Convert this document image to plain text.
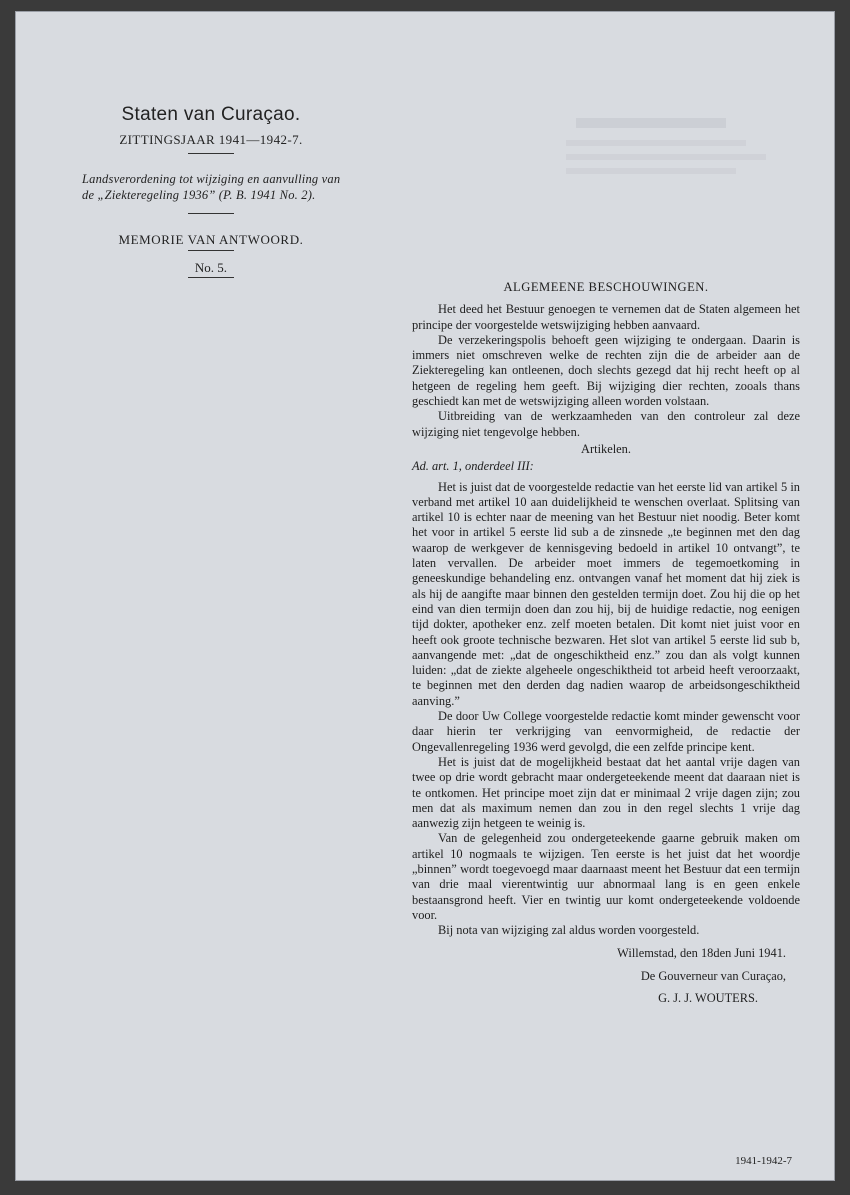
Staten van Curaçao.
ZITTINGSJAAR 1941—1942-7.
Landsverordening tot wijziging en aanvulling van de „Ziekteregeling 1936” (P. B. 1941 No. 2).
MEMORIE VAN ANTWOORD.
No. 5.
ALGEMEENE BESCHOUWINGEN.

Het deed het Bestuur genoegen te vernemen dat de Staten algemeen het principe der voorgestelde wetswijziging hebben aanvaard.

De verzekeringspolis behoeft geen wijziging te ondergaan. Daarin is immers niet omschreven welke de rechten zijn die de arbeider aan de Ziekteregeling kan ontleenen, doch slechts gezegd dat hij recht heeft op al hetgeen de regeling hem geeft. Bij wijziging dier rechten, zooals thans geschiedt kan met de wetswijziging alleen worden volstaan.

Uitbreiding van de werkzaamheden van den controleur zal deze wijziging niet tengevolge hebben.

Artikelen.
Ad. art. 1, onderdeel III:

Het is juist dat de voorgestelde redactie van het eerste lid van artikel 5 in verband met artikel 10 aan duidelijkheid te wenschen overlaat. Splitsing van artikel 10 is echter naar de meening van het Bestuur niet noodig. Beter komt het voor in artikel 5 eerste lid sub a de zinsnede „te beginnen met den dag waarop de werkgever de kennisgeving bedoeld in artikel 10 ontvangt”, te laten vervallen. De arbeider moet immers de tegemoetkoming in geneeskundige behandeling enz. ontvangen vanaf het moment dat hij ziek is als hij de aangifte maar binnen den gestelden termijn doet. Zou hij die op het eind van dien termijn doen dan zou hij, bij de huidige redactie, nog eenigen tijd dokter, apotheker enz. zelf moeten betalen. Dit komt niet juist voor en heeft ook groote technische bezwaren. Het slot van artikel 5 eerste lid sub b, aanvangende met: „dat de ongeschiktheid enz.” zou dan als volgt kunnen luiden: „dat de ziekte algeheele ongeschiktheid tot arbeid heeft veroorzaakt, te beginnen met den derden dag nadien waarop de arbeidsongeschiktheid aanving.”

De door Uw College voorgestelde redactie komt minder gewenscht voor daar hierin ter verkrijging van eenvormigheid, de redactie der Ongevallenregeling 1936 werd gevolgd, die een zelfde principe kent.

Het is juist dat de mogelijkheid bestaat dat het aantal vrije dagen van twee op drie wordt gebracht maar ondergeteekende meent dat daaraan niet is te ontkomen. Het principe moet zijn dat er minimaal 2 vrije dagen zijn; zou men dat als maximum nemen dan zou in den regel slechts 1 vrije dag aanwezig zijn hetgeen te weinig is.

Van de gelegenheid zou ondergeteekende gaarne gebruik maken om artikel 10 nogmaals te wijzigen. Ten eerste is het juist dat het woordje „binnen” wordt toegevoegd maar daarnaast meent het Bestuur dat een termijn van drie maal vierentwintig uur abnormaal lang is en geen enkele bestaansgrond heeft. Vier en twintig uur komt ondergeteekende voldoende voor.

Bij nota van wijziging zal aldus worden voorgesteld.

Willemstad, den 18den Juni 1941.
De Gouverneur van Curaçao,
G. J. J. WOUTERS.
1941-1942-7
